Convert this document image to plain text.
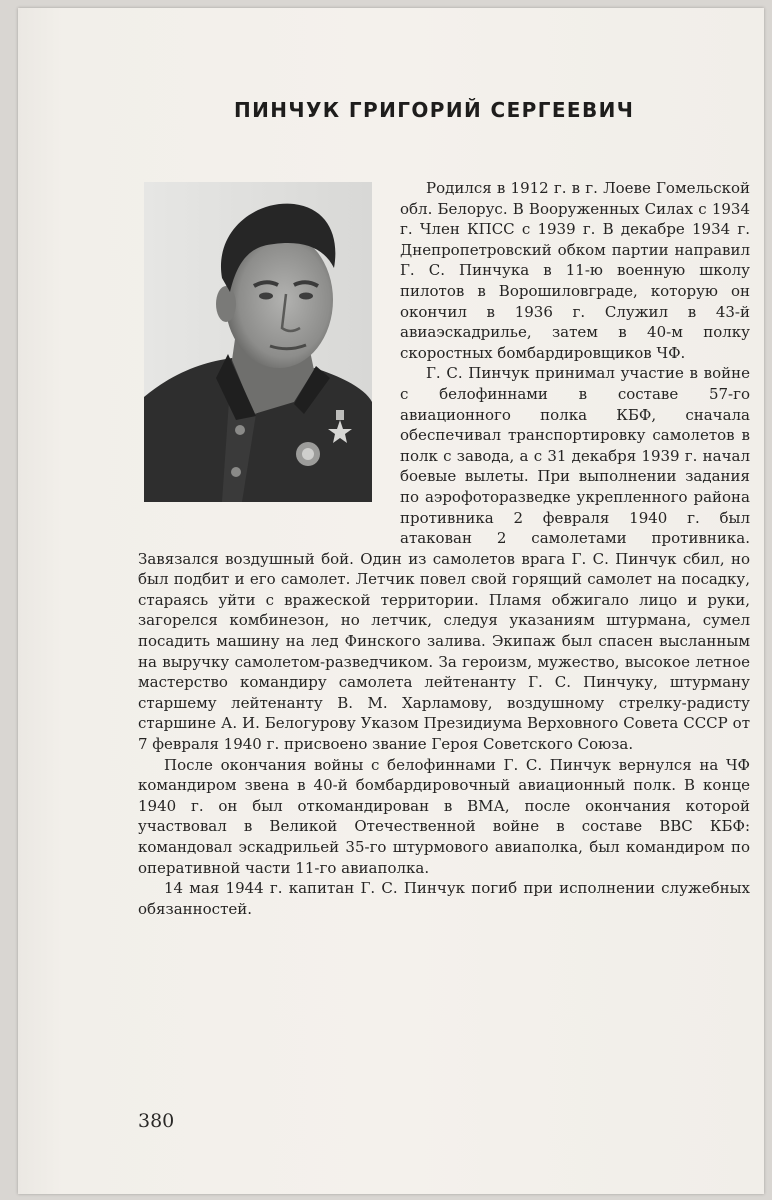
ПИНЧУК ГРИГОРИЙ СЕРГЕЕВИЧ

Родился в 1912 г. в г. Лоеве Гомельской обл. Белорус. В Вооруженных Силах с 1934 г. Член КПСС с 1939 г. В декабре 1934 г. Днепропетровский обком партии направил Г. С. Пинчука в 11-ю военную школу пилотов в Ворошиловграде, которую он окончил в 1936 г. Служил в 43-й авиаэскадрилье, затем в 40-м полку скоростных бомбардировщиков ЧФ.

Г. С. Пинчук принимал участие в войне с белофиннами в составе 57-го авиационного полка КБФ, сначала обеспечивал транспортировку самолетов в полк с завода, а с 31 декабря 1939 г. начал боевые вылеты. При выполнении задания по аэрофоторазведке укрепленного района противника 2 февраля 1940 г. был атакован 2 самолетами противника. Завязался воздушный бой. Один из самолетов врага Г. С. Пинчук сбил, но был подбит и его самолет. Летчик повел свой горящий самолет на посадку, стараясь уйти с вражеской территории. Пламя обжигало лицо и руки, загорелся комбинезон, но летчик, следуя указаниям штурмана, сумел посадить машину на лед Финского залива. Экипаж был спасен высланным на выручку самолетом-разведчиком. За героизм, мужество, высокое летное мастерство командиру самолета лейтенанту Г. С. Пинчуку, штурману старшему лейтенанту В. М. Харламову, воздушному стрелку-радисту старшине А. И. Белогурову Указом Президиума Верховного Совета СССР от 7 февраля 1940 г. присвоено звание Героя Советского Союза.

После окончания войны с белофиннами Г. С. Пинчук вернулся на ЧФ командиром звена в 40-й бомбардировочный авиационный полк. В конце 1940 г. он был откомандирован в ВМА, после окончания которой участвовал в Великой Отечественной войне в составе ВВС КБФ: командовал эскадрильей 35-го штурмового авиаполка, был командиром по оперативной части 11-го авиаполка.

14 мая 1944 г. капитан Г. С. Пинчук погиб при исполнении служебных обязанностей.

380
